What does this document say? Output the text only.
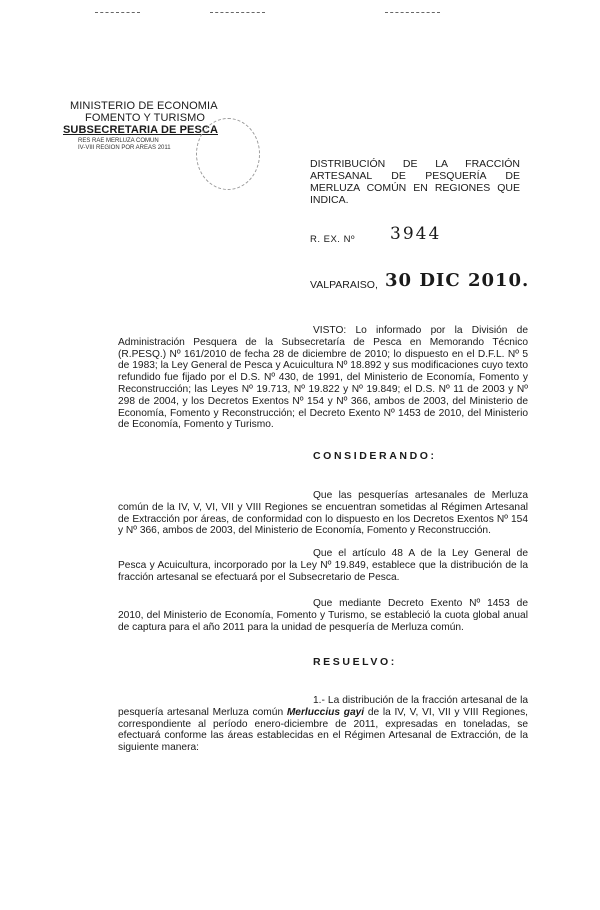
MINISTERIO DE ECONOMIA
FOMENTO Y TURISMO
SUBSECRETARIA DE PESCA
RES RAE MERLUZA COMUN
IV-VIII REGION POR AREAS 2011
DISTRIBUCIÓN DE LA FRACCIÓN ARTESANAL DE PESQUERÍA DE MERLUZA COMÚN EN REGIONES QUE INDICA.
R. EX. Nº 3944
VALPARAISO, 30 DIC 2010.
VISTO: Lo informado por la División de Administración Pesquera de la Subsecretaría de Pesca en Memorando Técnico (R.PESQ.) Nº 161/2010 de fecha 28 de diciembre de 2010; lo dispuesto en el D.F.L. Nº 5 de 1983; la Ley General de Pesca y Acuicultura Nº 18.892 y sus modificaciones cuyo texto refundido fue fijado por el D.S. Nº 430, de 1991, del Ministerio de Economía, Fomento y Reconstrucción; las Leyes Nº 19.713, Nº 19.822 y Nº 19.849; el D.S. Nº 11 de 2003 y Nº 298 de 2004, y los Decretos Exentos Nº 154 y Nº 366, ambos de 2003, del Ministerio de Economía, Fomento y Reconstrucción; el Decreto Exento Nº 1453 de 2010, del Ministerio de Economía, Fomento y Turismo.
CONSIDERANDO:
Que las pesquerías artesanales de Merluza común de la IV, V, VI, VII y VIII Regiones se encuentran sometidas al Régimen Artesanal de Extracción por áreas, de conformidad con lo dispuesto en los Decretos Exentos Nº 154 y Nº 366, ambos de 2003, del Ministerio de Economía, Fomento y Reconstrucción.
Que el artículo 48 A de la Ley General de Pesca y Acuicultura, incorporado por la Ley Nº 19.849, establece que la distribución de la fracción artesanal se efectuará por el Subsecretario de Pesca.
Que mediante Decreto Exento Nº 1453 de 2010, del Ministerio de Economía, Fomento y Turismo, se estableció la cuota global anual de captura para el año 2011 para la unidad de pesquería de Merluza común.
RESUELVO:
1.- La distribución de la fracción artesanal de la pesquería artesanal Merluza común Merluccius gayi de la IV, V, VI, VII y VIII Regiones, correspondiente al período enero-diciembre de 2011, expresadas en toneladas, se efectuará conforme las áreas establecidas en el Régimen Artesanal de Extracción, de la siguiente manera:
